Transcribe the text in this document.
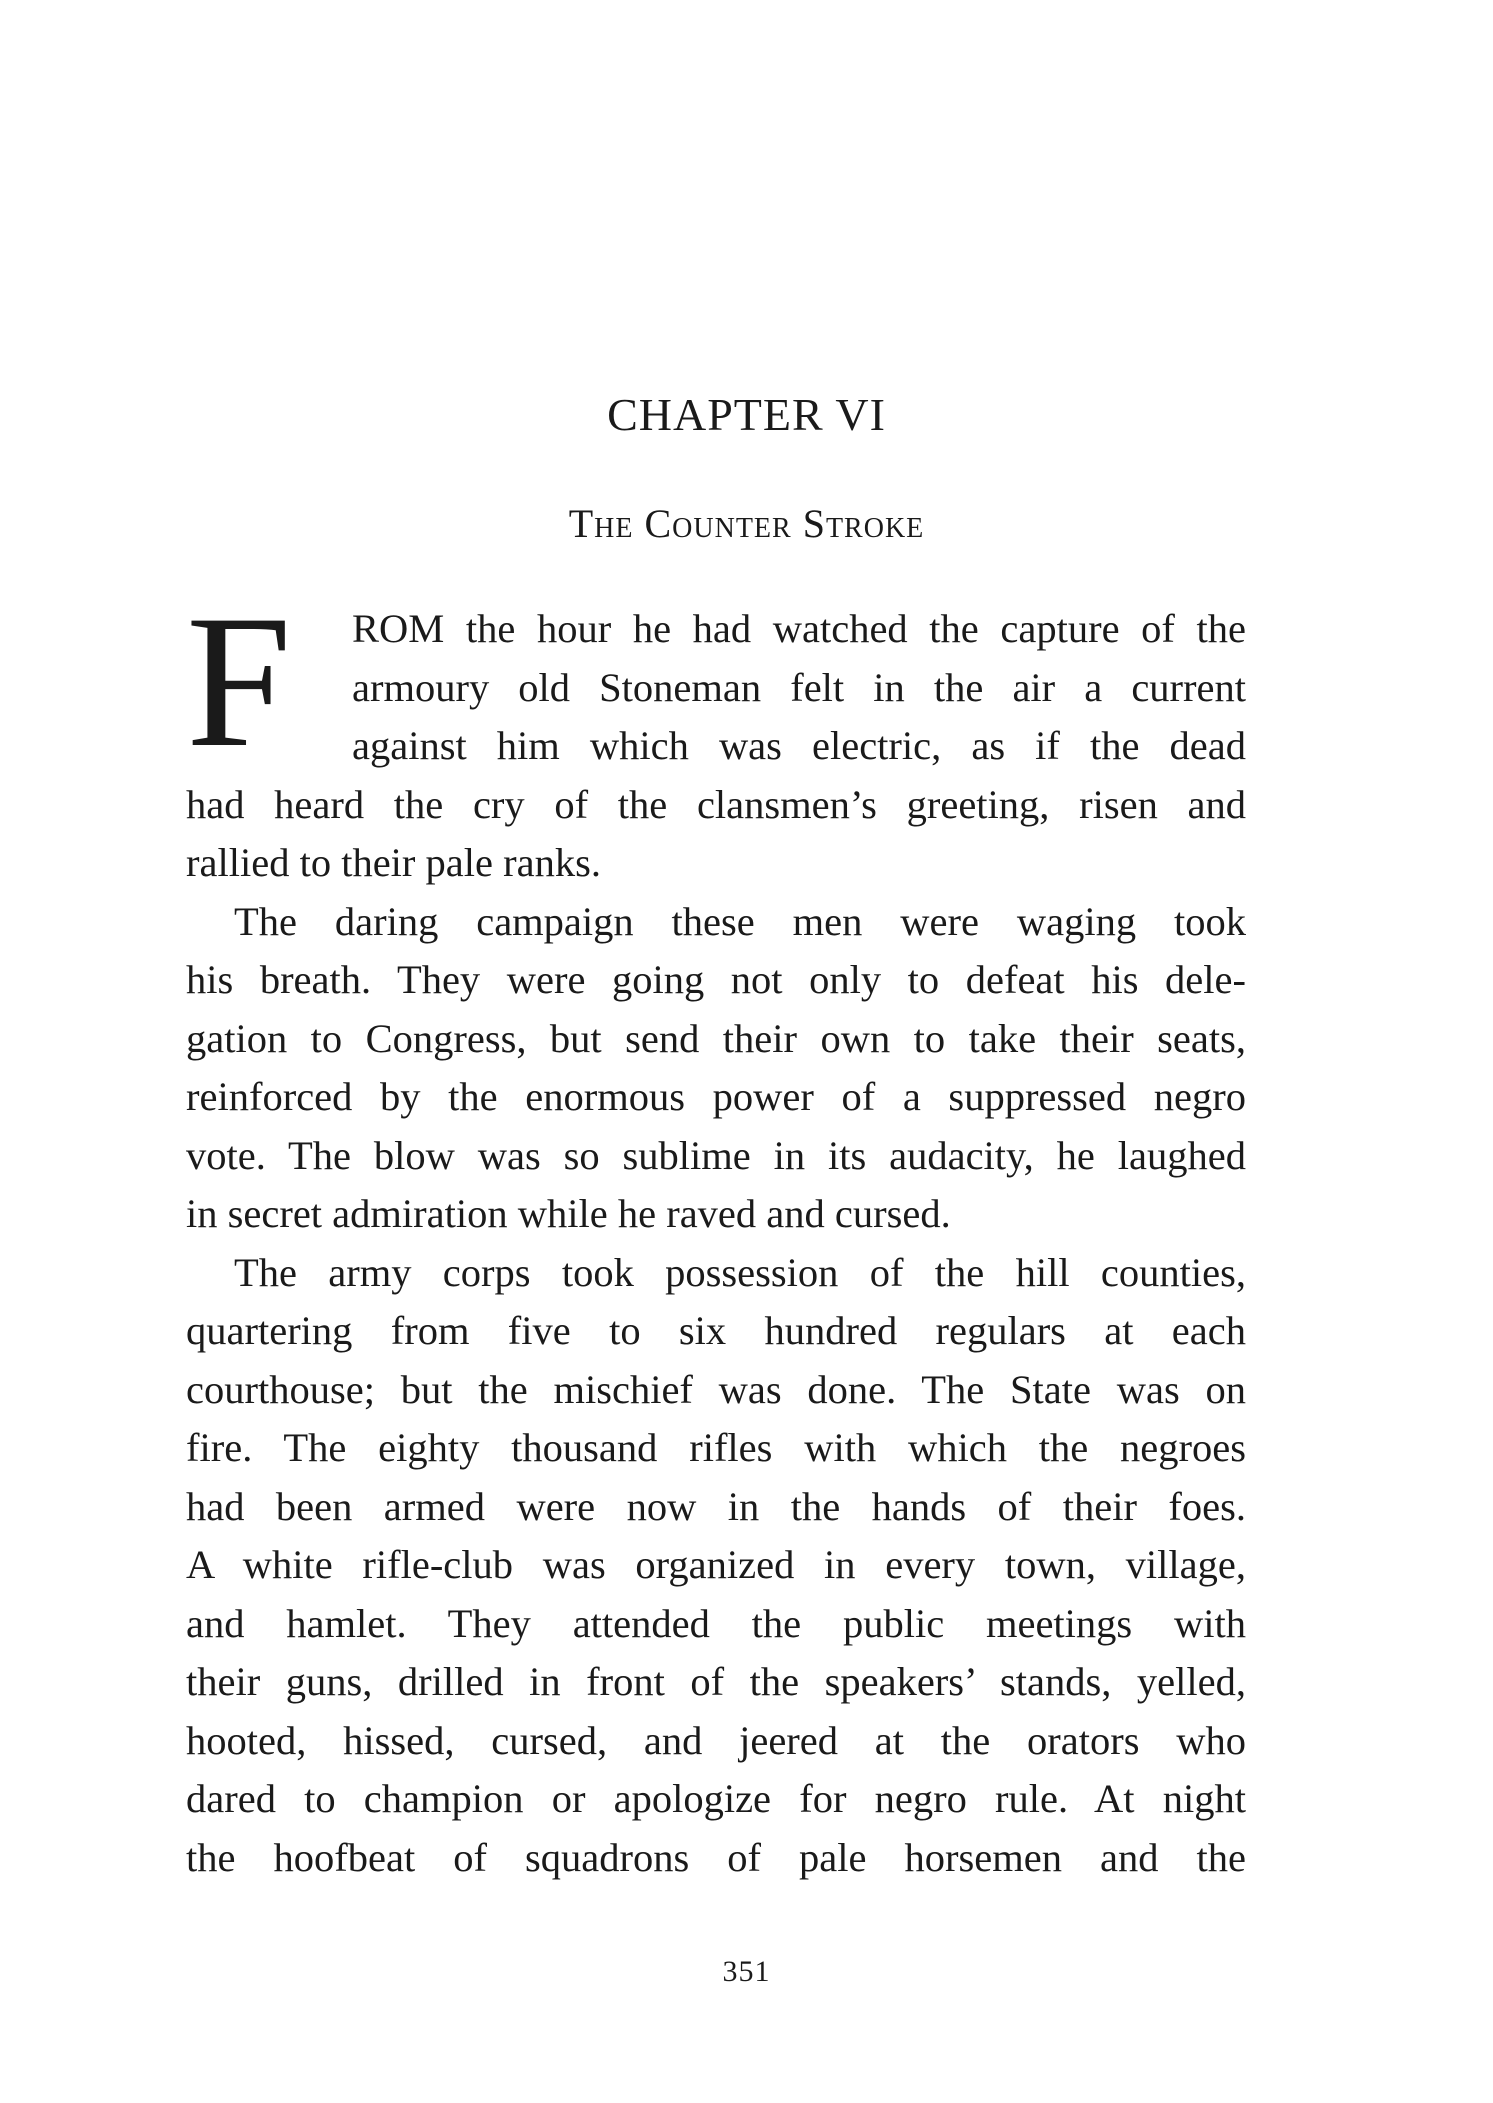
CHAPTER VI
The Counter Stroke
F	ROM the hour he had watched the capture of the
armoury old Stoneman felt in the air a current
against him which was electric, as if the dead
had heard the cry of the clansmen’s greeting, risen and
rallied to their pale ranks.
The daring campaign these men were waging took
his breath. They were going not only to defeat his dele-
gation to Congress, but send their own to take their seats,
reinforced by the enormous power of a suppressed negro
vote. The blow was so sublime in its audacity, he laughed
in secret admiration while he raved and cursed.
The army corps took possession of the hill counties,
quartering from five to six hundred regulars at each
courthouse; but the mischief was done. The State was on
fire. The eighty thousand rifles with which the negroes
had been armed were now in the hands of their foes.
A white rifle-club was organized in every town, village,
and hamlet. They attended the public meetings with
their guns, drilled in front of the speakers’ stands, yelled,
hooted, hissed, cursed, and jeered at the orators who
dared to champion or apologize for negro rule. At night
the hoofbeat of squadrons of pale horsemen and the
351
